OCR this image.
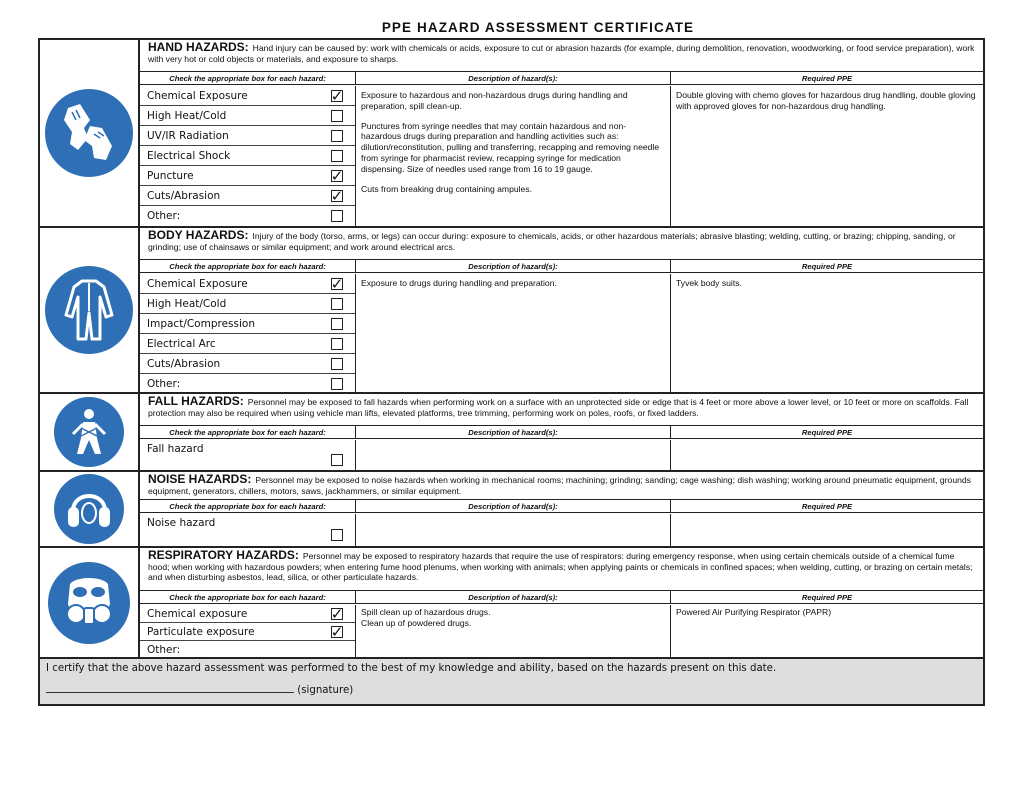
PPE HAZARD ASSESSMENT CERTIFICATE
HAND HAZARDS: Hand injury can be caused by: work with chemicals or acids, exposure to cut or abrasion hazards (for example, during demolition, renovation, woodworking, or food service preparation), work with very hot or cold objects or materials, and exposure to sharps.
Check the appropriate box for each hazard:	Description of hazard(s):	Required PPE
Chemical Exposure	✓
High Heat/Cold
UV/IR Radiation
Electrical Shock
Puncture	✓
Cuts/Abrasion	✓
Other:
Exposure to hazardous and non-hazardous drugs during handling and preparation, spill clean-up.
Punctures from syringe needles that may contain hazardous and non-hazardous drugs during preparation and handling activities such as: dilution/reconstitution, pulling and transferring, recapping and removing needle from syringe for pharmacist review, recapping syringe for medication dispensing. Size of needles used range from 16 to 19 gauge.
Cuts from breaking drug containing ampules.
Double gloving with chemo gloves for hazardous drug handling, double gloving with approved gloves for non-hazardous drug handling.
BODY HAZARDS: Injury of the body (torso, arms, or legs) can occur during: exposure to chemicals, acids, or other hazardous materials; abrasive blasting; welding, cutting, or brazing; chipping, sanding, or grinding; use of chainsaws or similar equipment; and work around electrical arcs.
Check the appropriate box for each hazard:	Description of hazard(s):	Required PPE
Chemical Exposure	✓
High Heat/Cold
Impact/Compression
Electrical Arc
Cuts/Abrasion
Other:
Exposure to drugs during handling and preparation.	Tyvek body suits.
FALL HAZARDS: Personnel may be exposed to fall hazards when performing work on a surface with an unprotected side or edge that is 4 feet or more above a lower level, or 10 feet or more on scaffolds. Fall protection may also be required when using vehicle man lifts, elevated platforms, tree trimming, performing work on poles, roofs, or fixed ladders.
Check the appropriate box for each hazard:	Description of hazard(s):	Required PPE
Fall hazard
NOISE HAZARDS: Personnel may be exposed to noise hazards when working in mechanical rooms; machining; grinding; sanding; cage washing; dish washing; working around pneumatic equipment, grounds equipment, generators, chillers, motors, saws, jackhammers, or similar equipment.
Check the appropriate box for each hazard:	Description of hazard(s):	Required PPE
Noise hazard
RESPIRATORY HAZARDS: Personnel may be exposed to respiratory hazards that require the use of respirators: during emergency response, when using certain chemicals outside of a chemical fume hood; when working with hazardous powders; when entering fume hood plenums, when working with animals; when applying paints or chemicals in confined spaces; when welding, cutting, or brazing on certain metals; and when disturbing asbestos, lead, silica, or other particulate hazards.
Check the appropriate box for each hazard:	Description of hazard(s):	Required PPE
Chemical exposure	✓
Particulate exposure	✓
Other:
Spill clean up of hazardous drugs.
Clean up of powdered drugs.
Powered Air Purifying Respirator (PAPR)
I certify that the above hazard assessment was performed to the best of my knowledge and ability, based on the hazards present on this date.
(signature)
